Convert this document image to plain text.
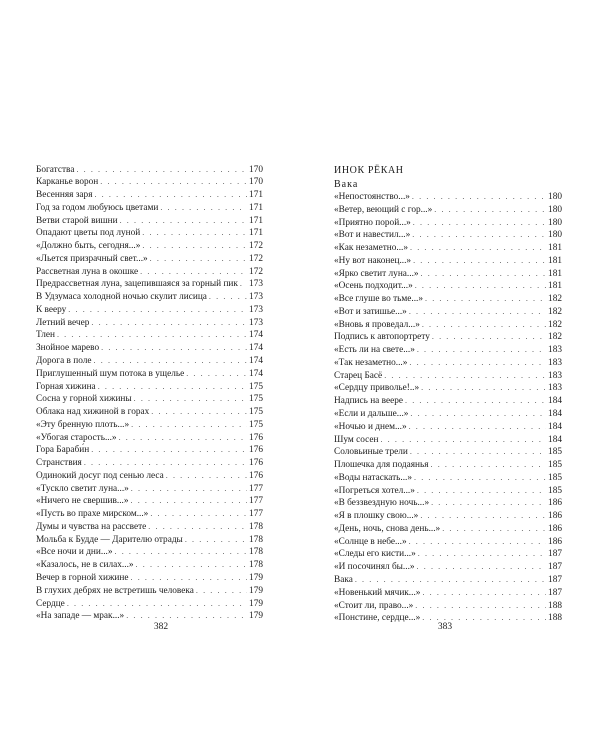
Богатства . . .	170
Карканье ворон . . .	170
Весенняя заря . . .	171
Год за годом любуюсь цветами . . .	171
Ветви старой вишни . . .	171
Опадают цветы под луной . . .	171
«Должно быть, сегодня...» . . .	172
«Льется призрачный свет...» . . .	172
Рассветная луна в окошке . . .	172
Предрассветная луна, зацепившаяся за горный пик . . . 173
В Удзумаса холодной ночью скулит лисица . . .	173
К вееру . . .	173
Летний вечер . . .	173
Тлен . . .	174
Знойное марево . . .	174
Дорога в поле . . .	174
Приглушенный шум потока в ущелье . . .	174
Горная хижина . . .	175
Сосна у горной хижины . . .	175
Облака над хижиной в горах . . .	175
«Эту бренную плоть...» . . .	175
«Убогая старость...» . . .	176
Гора Бараби́н . . .	176
Странствия . . .	176
Одинокий досуг под сенью леса . . .	176
«Тускло светит луна...» . . .	177
«Ничего не свершив...» . . .	177
«Пусть во прахе мирском...» . . .	177
Думы и чувства на рассвете . . .	178
Мольба к Будде — Дарителю отрады . . .	178
«Все ночи и дни...» . . .	178
«Казалось, не в силах...» . . .	178
Вечер в горной хижине . . .	179
В глухих дебрях не встретишь человека . . .	179
Сердце . . .	179
«На западе — мрак...» . . .	179
382
ИНОК РЁКАН
Вака
«Непостоянство...» . . .	180
«Ветер, веющий с гор...» . . .	180
«Приятно порой...» . . .	180
«Вот и навестил...» . . .	180
«Как незаметно...» . . .	181
«Ну вот наконец...» . . .	181
«Ярко светит луна...» . . .	181
«Осень подходит...» . . .	181
«Все глуше во тьме...» . . .	182
«Вот и затишье...» . . .	182
«Вновь я проведал...» . . .	182
Подпись к автопортрету . . .	182
«Есть ли на свете...» . . .	183
«Так незаметно...» . . .	183
Старец Басё . . .	183
«Сердцу приволье!..» . . .	183
Надпись на веере . . .	184
«Если и дальше...» . . .	184
«Ночью и днем...» . . .	184
Шум сосен . . .	184
Соловьиные трели . . .	185
Плошечка для подаянья . . .	185
«Воды натаскать...» . . .	185
«Погреться хотел...» . . .	185
«В беззвездную ночь...» . . .	186
«Я в плошку свою...» . . .	186
«День, ночь, снова день...» . . .	186
«Солнце в небе...» . . .	186
«Следы его кисти...» . . .	187
«И посочинял бы...» . . .	187
Вака . . .	187
«Новенький мячик...» . . .	187
«Стоит ли, право...» . . .	188
«Понстине, сердце...» . . .	188
383
